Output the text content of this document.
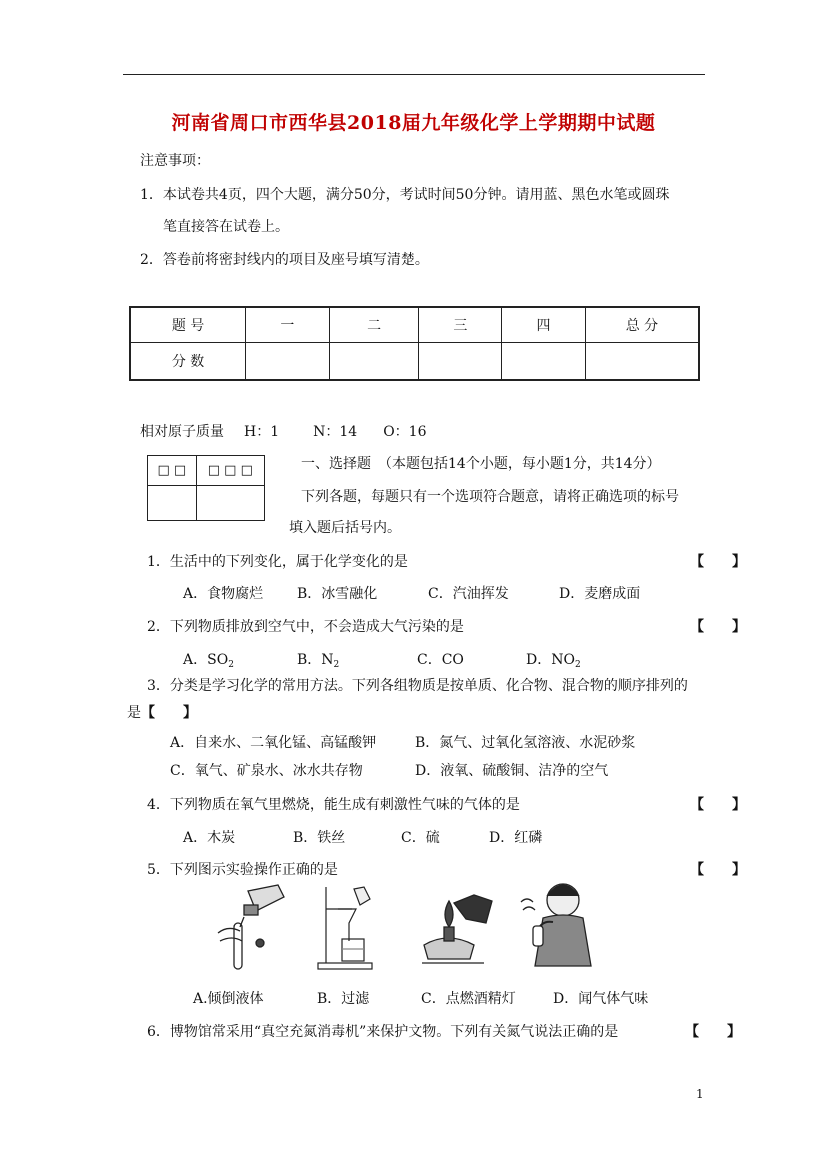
河南省周口市西华县2018届九年级化学上学期期中试题
注意事项：
1．本试卷共4页，四个大题，满分50分，考试时间50分钟。请用蓝、黑色水笔或圆珠
笔直接答在试卷上。
2．答卷前将密封线内的项目及座号填写清楚。
题 号	一	二	三	四	总 分
分 数					
相对原子质量 H：1 N：14 O：16
□ □	□ □ □
		一、选择题　（本题包括14个小题，每小题1分，共14分）
下列各题，每题只有一个选项符合题意，请将正确选项的标号
填入题后括号内。
1．生活中的下列变化，属于化学变化的是	【　　】
A．食物腐烂 B．冰雪融化	C．汽油挥发	D．麦磨成面
2．下列物质排放到空气中，不会造成大气污染的是	【　　】
A．$SO_2$	B．$N_2$	C．CO	D．$NO_2$
3．分类是学习化学的常用方法。下列各组物质是按单质、化合物、混合物的顺序排列的
是【　　】
A．自来水、二氧化锰、高锰酸钾	B．氮气、过氧化氢溶液、水泥砂浆
C．氧气、矿泉水、冰水共存物	D．液氧、硫酸铜、洁净的空气
4．下列物质在氧气里燃烧，能生成有刺激性气味的气体的是	【　　】
A．木炭	B．铁丝	C．硫	D．红磷
5．下列图示实验操作正确的是	【　　】
A.倾倒液体	B．过滤	C．点燃酒精灯	D．闻气体气味
6．博物馆常采用“真空充氮消毒机”来保护文物。下列有关氮气说法正确的是	【　　】
1
